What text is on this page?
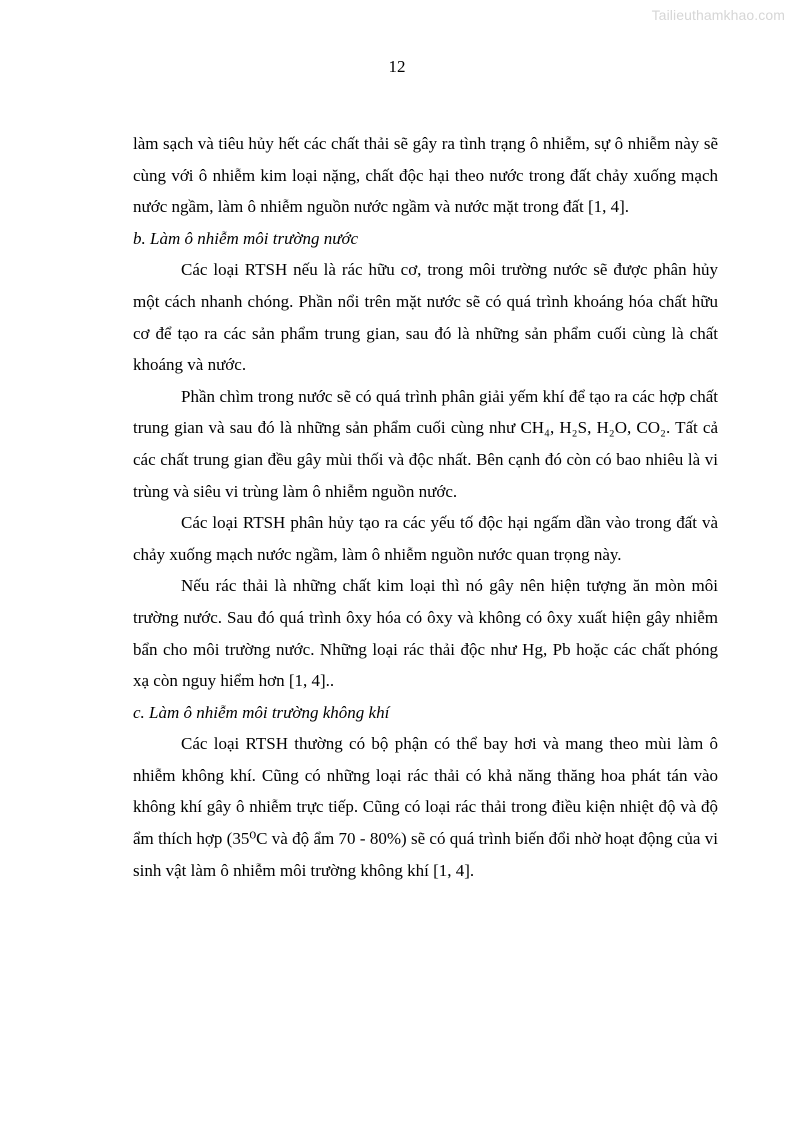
Tailieuthamkhao.com
12

làm sạch và tiêu hủy hết các chất thải sẽ gây ra tình trạng ô nhiễm, sự ô nhiễm này sẽ cùng với ô nhiễm kim loại nặng, chất độc hại theo nước trong đất chảy xuống mạch nước ngầm, làm ô nhiễm nguồn nước ngầm và nước mặt trong đất [1, 4].

b. Làm ô nhiễm môi trường nước

Các loại RTSH nếu là rác hữu cơ, trong môi trường nước sẽ được phân hủy một cách nhanh chóng. Phần nổi trên mặt nước sẽ có quá trình khoáng hóa chất hữu cơ để tạo ra các sản phẩm trung gian, sau đó là những sản phẩm cuối cùng là chất khoáng và nước.

Phần chìm trong nước sẽ có quá trình phân giải yếm khí để tạo ra các hợp chất trung gian và sau đó là những sản phẩm cuối cùng như CH₄, H₂S, H₂O, CO₂. Tất cả các chất trung gian đều gây mùi thối và độc nhất. Bên cạnh đó còn có bao nhiêu là vi trùng và siêu vi trùng làm ô nhiễm nguồn nước.

Các loại RTSH phân hủy tạo ra các yếu tố độc hại ngấm dần vào trong đất và chảy xuống mạch nước ngầm, làm ô nhiễm nguồn nước quan trọng này.

Nếu rác thải là những chất kim loại thì nó gây nên hiện tượng ăn mòn môi trường nước. Sau đó quá trình ôxy hóa có ôxy và không có ôxy xuất hiện gây nhiễm bẩn cho môi trường nước. Những loại rác thải độc như Hg, Pb hoặc các chất phóng xạ còn nguy hiểm hơn [1, 4]..

c. Làm ô nhiễm môi trường không khí

Các loại RTSH thường có bộ phận có thể bay hơi và mang theo mùi làm ô nhiễm không khí. Cũng có những loại rác thải có khả năng thăng hoa phát tán vào không khí gây ô nhiễm trực tiếp. Cũng có loại rác thải trong điều kiện nhiệt độ và độ ẩm thích hợp (35⁰C và độ ẩm 70 - 80%) sẽ có quá trình biến đổi nhờ hoạt động của vi sinh vật làm ô nhiễm môi trường không khí [1, 4].
